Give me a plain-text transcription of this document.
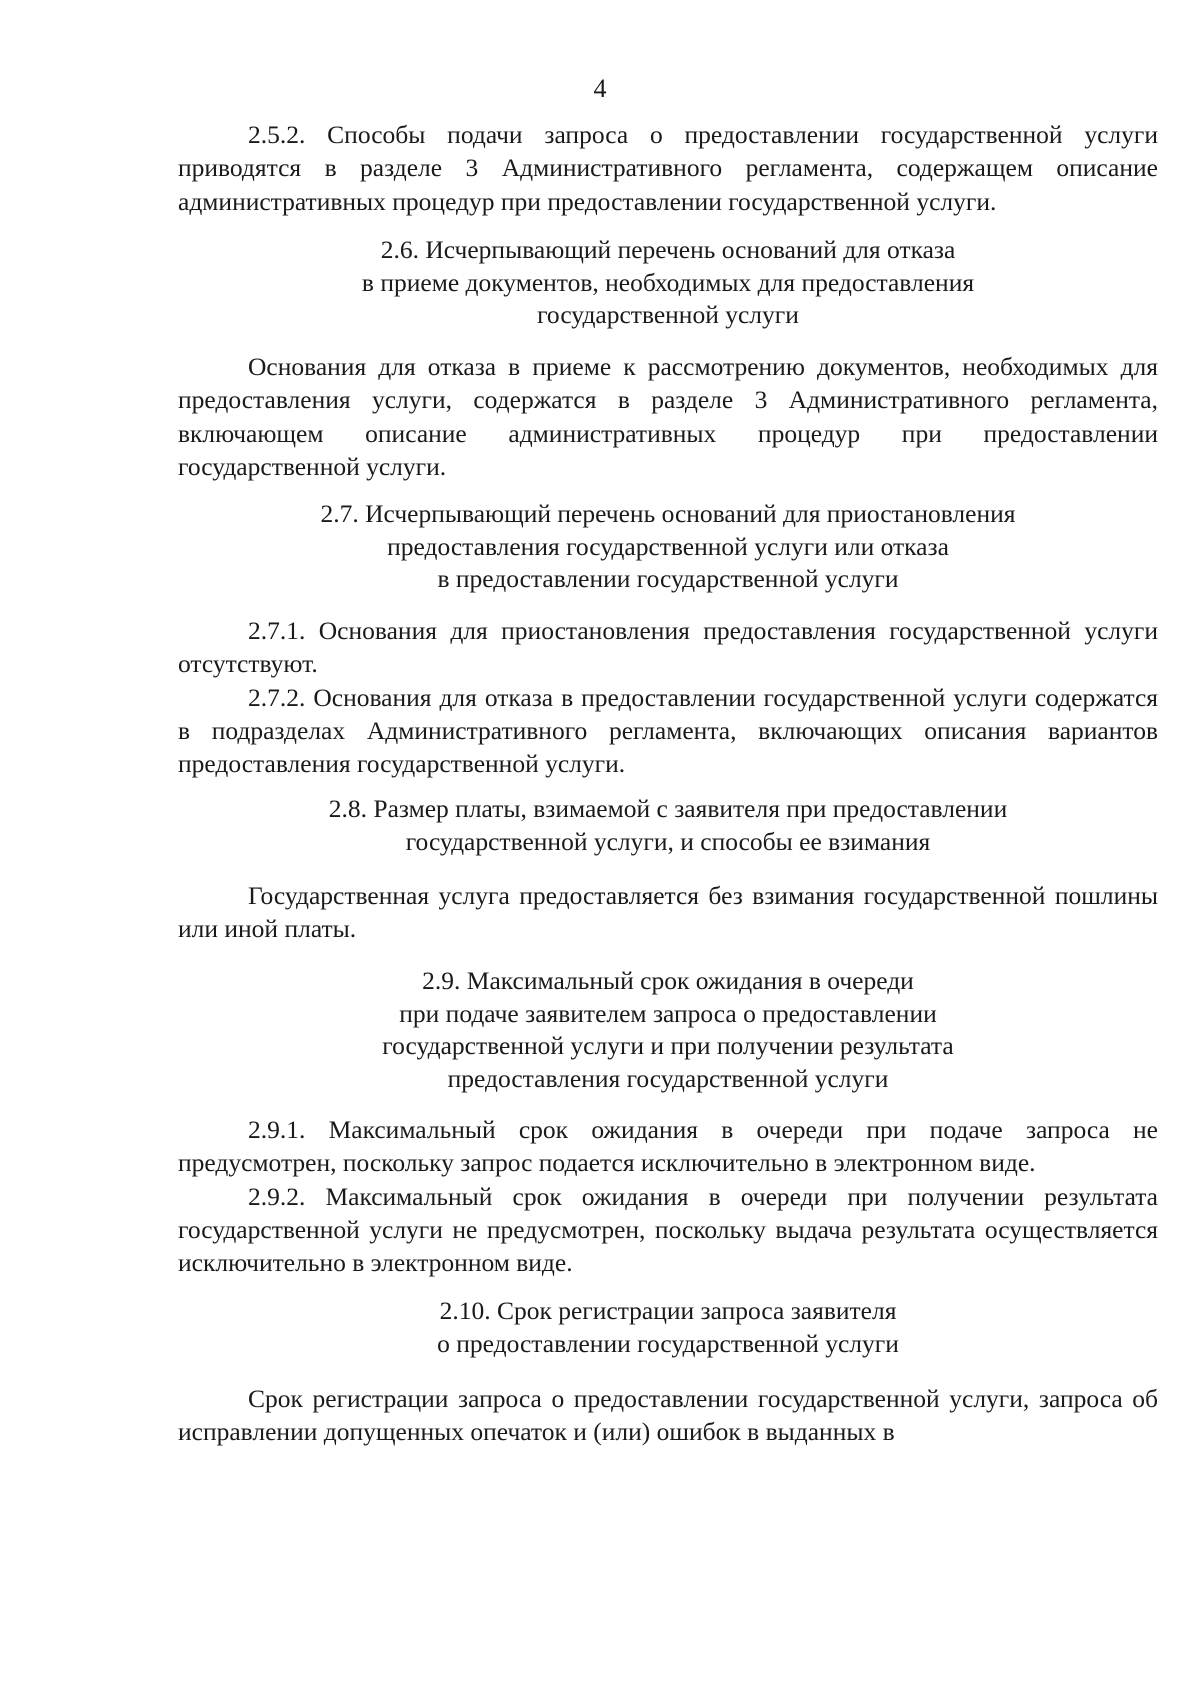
4

2.5.2. Способы подачи запроса о предоставлении государственной услуги приводятся в разделе 3 Административного регламента, содержащем описание административных процедур при предоставлении государственной услуги.

2.6. Исчерпывающий перечень оснований для отказа
в приеме документов, необходимых для предоставления
государственной услуги

Основания для отказа в приеме к рассмотрению документов, необходимых для предоставления услуги, содержатся в разделе 3 Административного регламента, включающем описание административных процедур при предоставлении государственной услуги.

2.7. Исчерпывающий перечень оснований для приостановления
предоставления государственной услуги или отказа
в предоставлении государственной услуги

2.7.1. Основания для приостановления предоставления государственной услуги отсутствуют.

2.7.2. Основания для отказа в предоставлении государственной услуги содержатся в подразделах Административного регламента, включающих описания вариантов предоставления государственной услуги.

2.8. Размер платы, взимаемой с заявителя при предоставлении
государственной услуги, и способы ее взимания

Государственная услуга предоставляется без взимания государственной пошлины или иной платы.

2.9. Максимальный срок ожидания в очереди
при подаче заявителем запроса о предоставлении
государственной услуги и при получении результата
предоставления государственной услуги

2.9.1. Максимальный срок ожидания в очереди при подаче запроса не предусмотрен, поскольку запрос подается исключительно в электронном виде.

2.9.2. Максимальный срок ожидания в очереди при получении результата государственной услуги не предусмотрен, поскольку выдача результата осуществляется исключительно в электронном виде.

2.10. Срок регистрации запроса заявителя
о предоставлении государственной услуги

Срок регистрации запроса о предоставлении государственной услуги, запроса об исправлении допущенных опечаток и (или) ошибок в выданных в
